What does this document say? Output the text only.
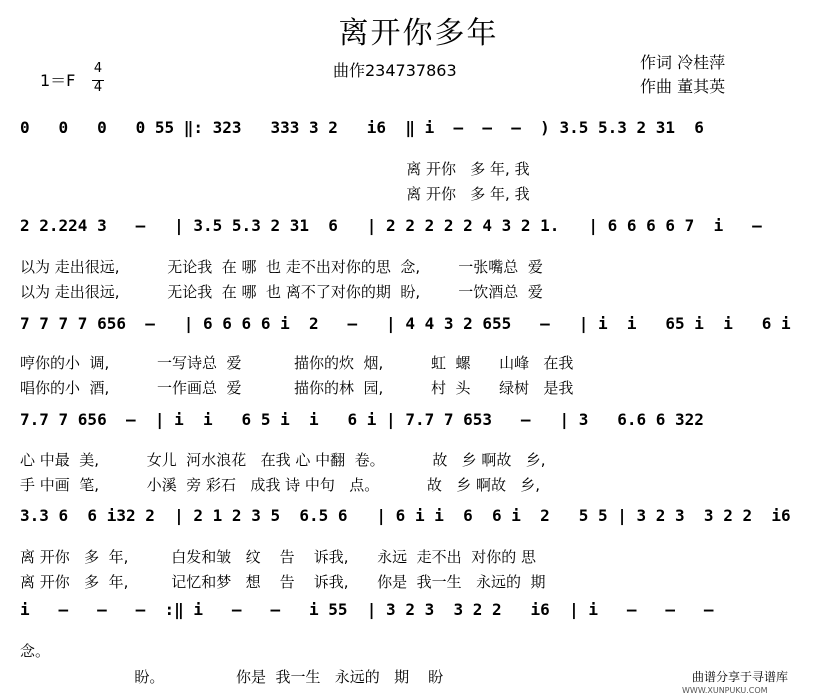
离开你多年
曲作234737863	作词 冷桂萍
作曲 董其英
1＝F
4
4
0   0   0   0 55 ‖: 323   333 3 2   i6  ‖ i  –  –  –  ) 3.5 5.3 2 31  6
离 开你   多 年, 我
离 开你   多 年, 我
2 2.224 3   –   | 3.5 5.3 2 31  6   | 2 2 2 2 2 4 3 2 1.   | 6 6 6 6 7  i   –
以为 走出很远,          无论我  在 哪  也 走不出对你的思  念,        一张嘴总  爱
以为 走出很远,          无论我  在 哪  也 离不了对你的期  盼,        一饮酒总  爱
7 7 7 7 656  –   | 6 6 6 6 i  2   –   | 4 4 3 2 655   –   | i  i   65 i  i   6 i
哼你的小  调,          一写诗总  爱           描你的炊  烟,          虹  螺      山峰   在我
唱你的小  酒,          一作画总  爱           描你的林  园,          村  头      绿树   是我
7.7 7 656  –  | i  i   6 5 i  i   6 i | 7.7 7 653   –   | 3   6.6 6 322
心 中最  美,          女儿  河水浪花   在我 心 中翻  卷。          故   乡 啊故   乡,
手 中画  笔,          小溪  旁 彩石   成我 诗 中句   点。          故   乡 啊故   乡,
3.3 6  6 i32 2  | 2 1 2 3 5  6.5 6   | 6 i i  6  6 i  2   5 5 | 3 2 3  3 2 2  i6
离 开你   多  年,         白发和皱   纹    告    诉我,      永远  走不出  对你的 思
离 开你   多  年,         记忆和梦   想    告    诉我,      你是  我一生   永远的  期
i   –   –   –  :‖ i   –   –   i 55  | 3 2 3  3 2 2   i6  | i   –   –   –
念。
盼。               你是  我一生   永远的   期    盼	曲谱分享于寻谱库
WWW.XUNPUKU.COM
